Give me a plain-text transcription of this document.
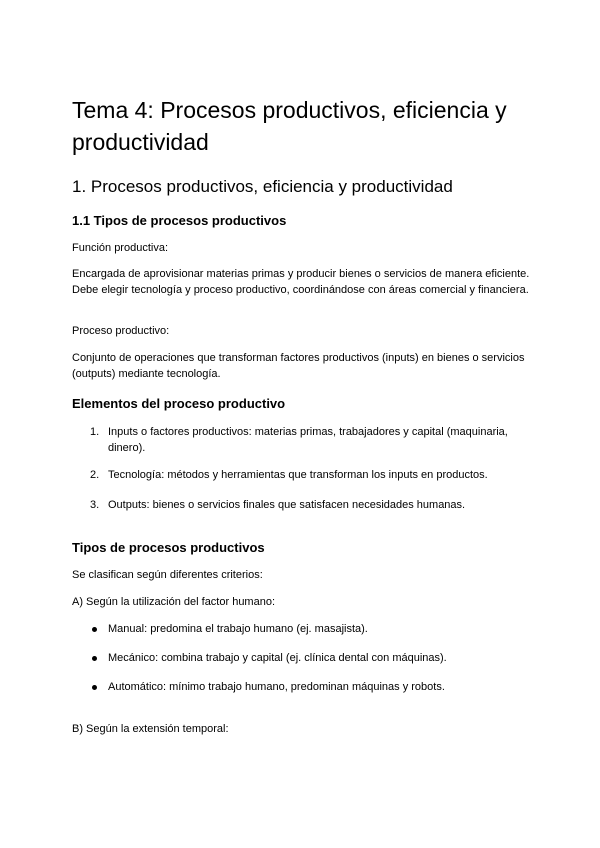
Tema 4: Procesos productivos, eficiencia y productividad
1. Procesos productivos, eficiencia y productividad
1.1 Tipos de procesos productivos

Función productiva:

Encargada de aprovisionar materias primas y producir bienes o servicios de manera eficiente. Debe elegir tecnología y proceso productivo, coordinándose con áreas comercial y financiera.

Proceso productivo:

Conjunto de operaciones que transforman factores productivos (inputs) en bienes o servicios (outputs) mediante tecnología.

Elementos del proceso productivo
1. Inputs o factores productivos: materias primas, trabajadores y capital (maquinaria, dinero).

2. Tecnología: métodos y herramientas que transforman los inputs en productos.

3. Outputs: bienes o servicios finales que satisfacen necesidades humanas.

Tipos de procesos productivos

Se clasifican según diferentes criterios:

A) Según la utilización del factor humano:

Manual: predomina el trabajo humano (ej. masajista).

Mecánico: combina trabajo y capital (ej. clínica dental con máquinas).

Automático: mínimo trabajo humano, predominan máquinas y robots.

B) Según la extensión temporal:
